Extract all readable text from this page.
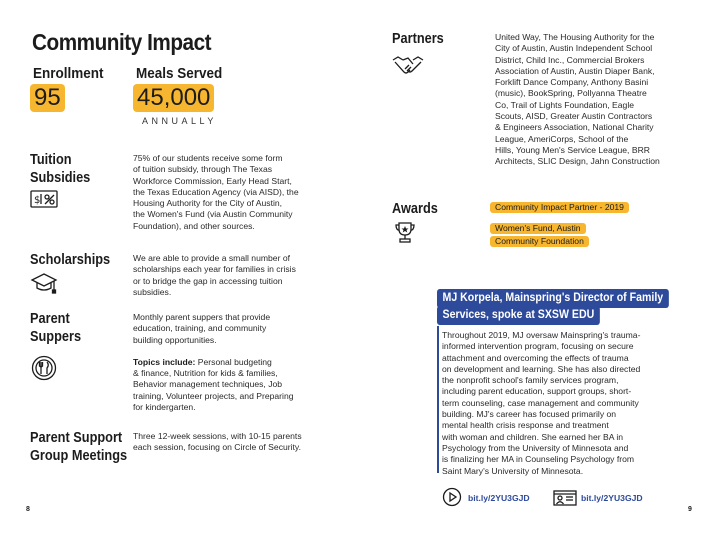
Community Impact
Enrollment
95
Meals Served
45,000
ANNUALLY
Tuition
Subsidies
$
75% of our students receive some form
of tuition subsidy, through The Texas
Workforce Commission, Early Head Start,
the Texas Education Agency (via AISD), the
Housing Authority for the City of Austin,
the Women's Fund (via Austin Community
Foundation), and other sources.
Scholarships	We are able to provide a small number of
scholarships each year for families in crisis
or to bridge the gap in accessing tuition
subsidies.
Parent
Suppers
Monthly parent suppers that provide
education, training, and community
building opportunities.
Topics include: Personal budgeting
& finance, Nutrition for kids & families,
Behavior management techniques, Job
training, Volunteer projects, and Preparing
for kindergarten.
Parent Support
Group Meetings
Three 12-week sessions, with 10-15 parents
each session, focusing on Circle of Security.
8
Partners	United Way, The Housing Authority for the
City of Austin, Austin Independent School
District, Child Inc., Commercial Brokers
Association of Austin, Austin Diaper Bank,
Forklift Dance Company, Anthony Basini
(music), BookSpring, Pollyanna Theatre
Co, Trail of Lights Foundation, Eagle
Scouts, AISD, Greater Austin Contractors
& Engineers Association, National Charity
League, AmeriCorps, School of the
Hills, Young Men's Service League, BRR
Architects, SLIC Design, Jahn Construction
Awards	Community Impact Partner - 2019
Women's Fund, Austin
Community Foundation
MJ Korpela, Mainspring's Director of Family
Services, spoke at SXSW EDU
Throughout 2019, MJ oversaw Mainspring's trauma-
informed intervention program, focusing on secure
attachment and overcoming the effects of trauma
on development and learning. She has also directed
the nonprofit school's family services program,
including parent education, support groups, short-
term counseling, case management and community
building. MJ's career has focused primarily on
mental health crisis response and treatment
with woman and children. She earned her BA in
Psychology from the University of Minnesota and
is finalizing her MA in Counseling Psychology from
Saint Mary's University of Minnesota.
bit.ly/2YU3GJD	bit.ly/2YU3GJD
9
